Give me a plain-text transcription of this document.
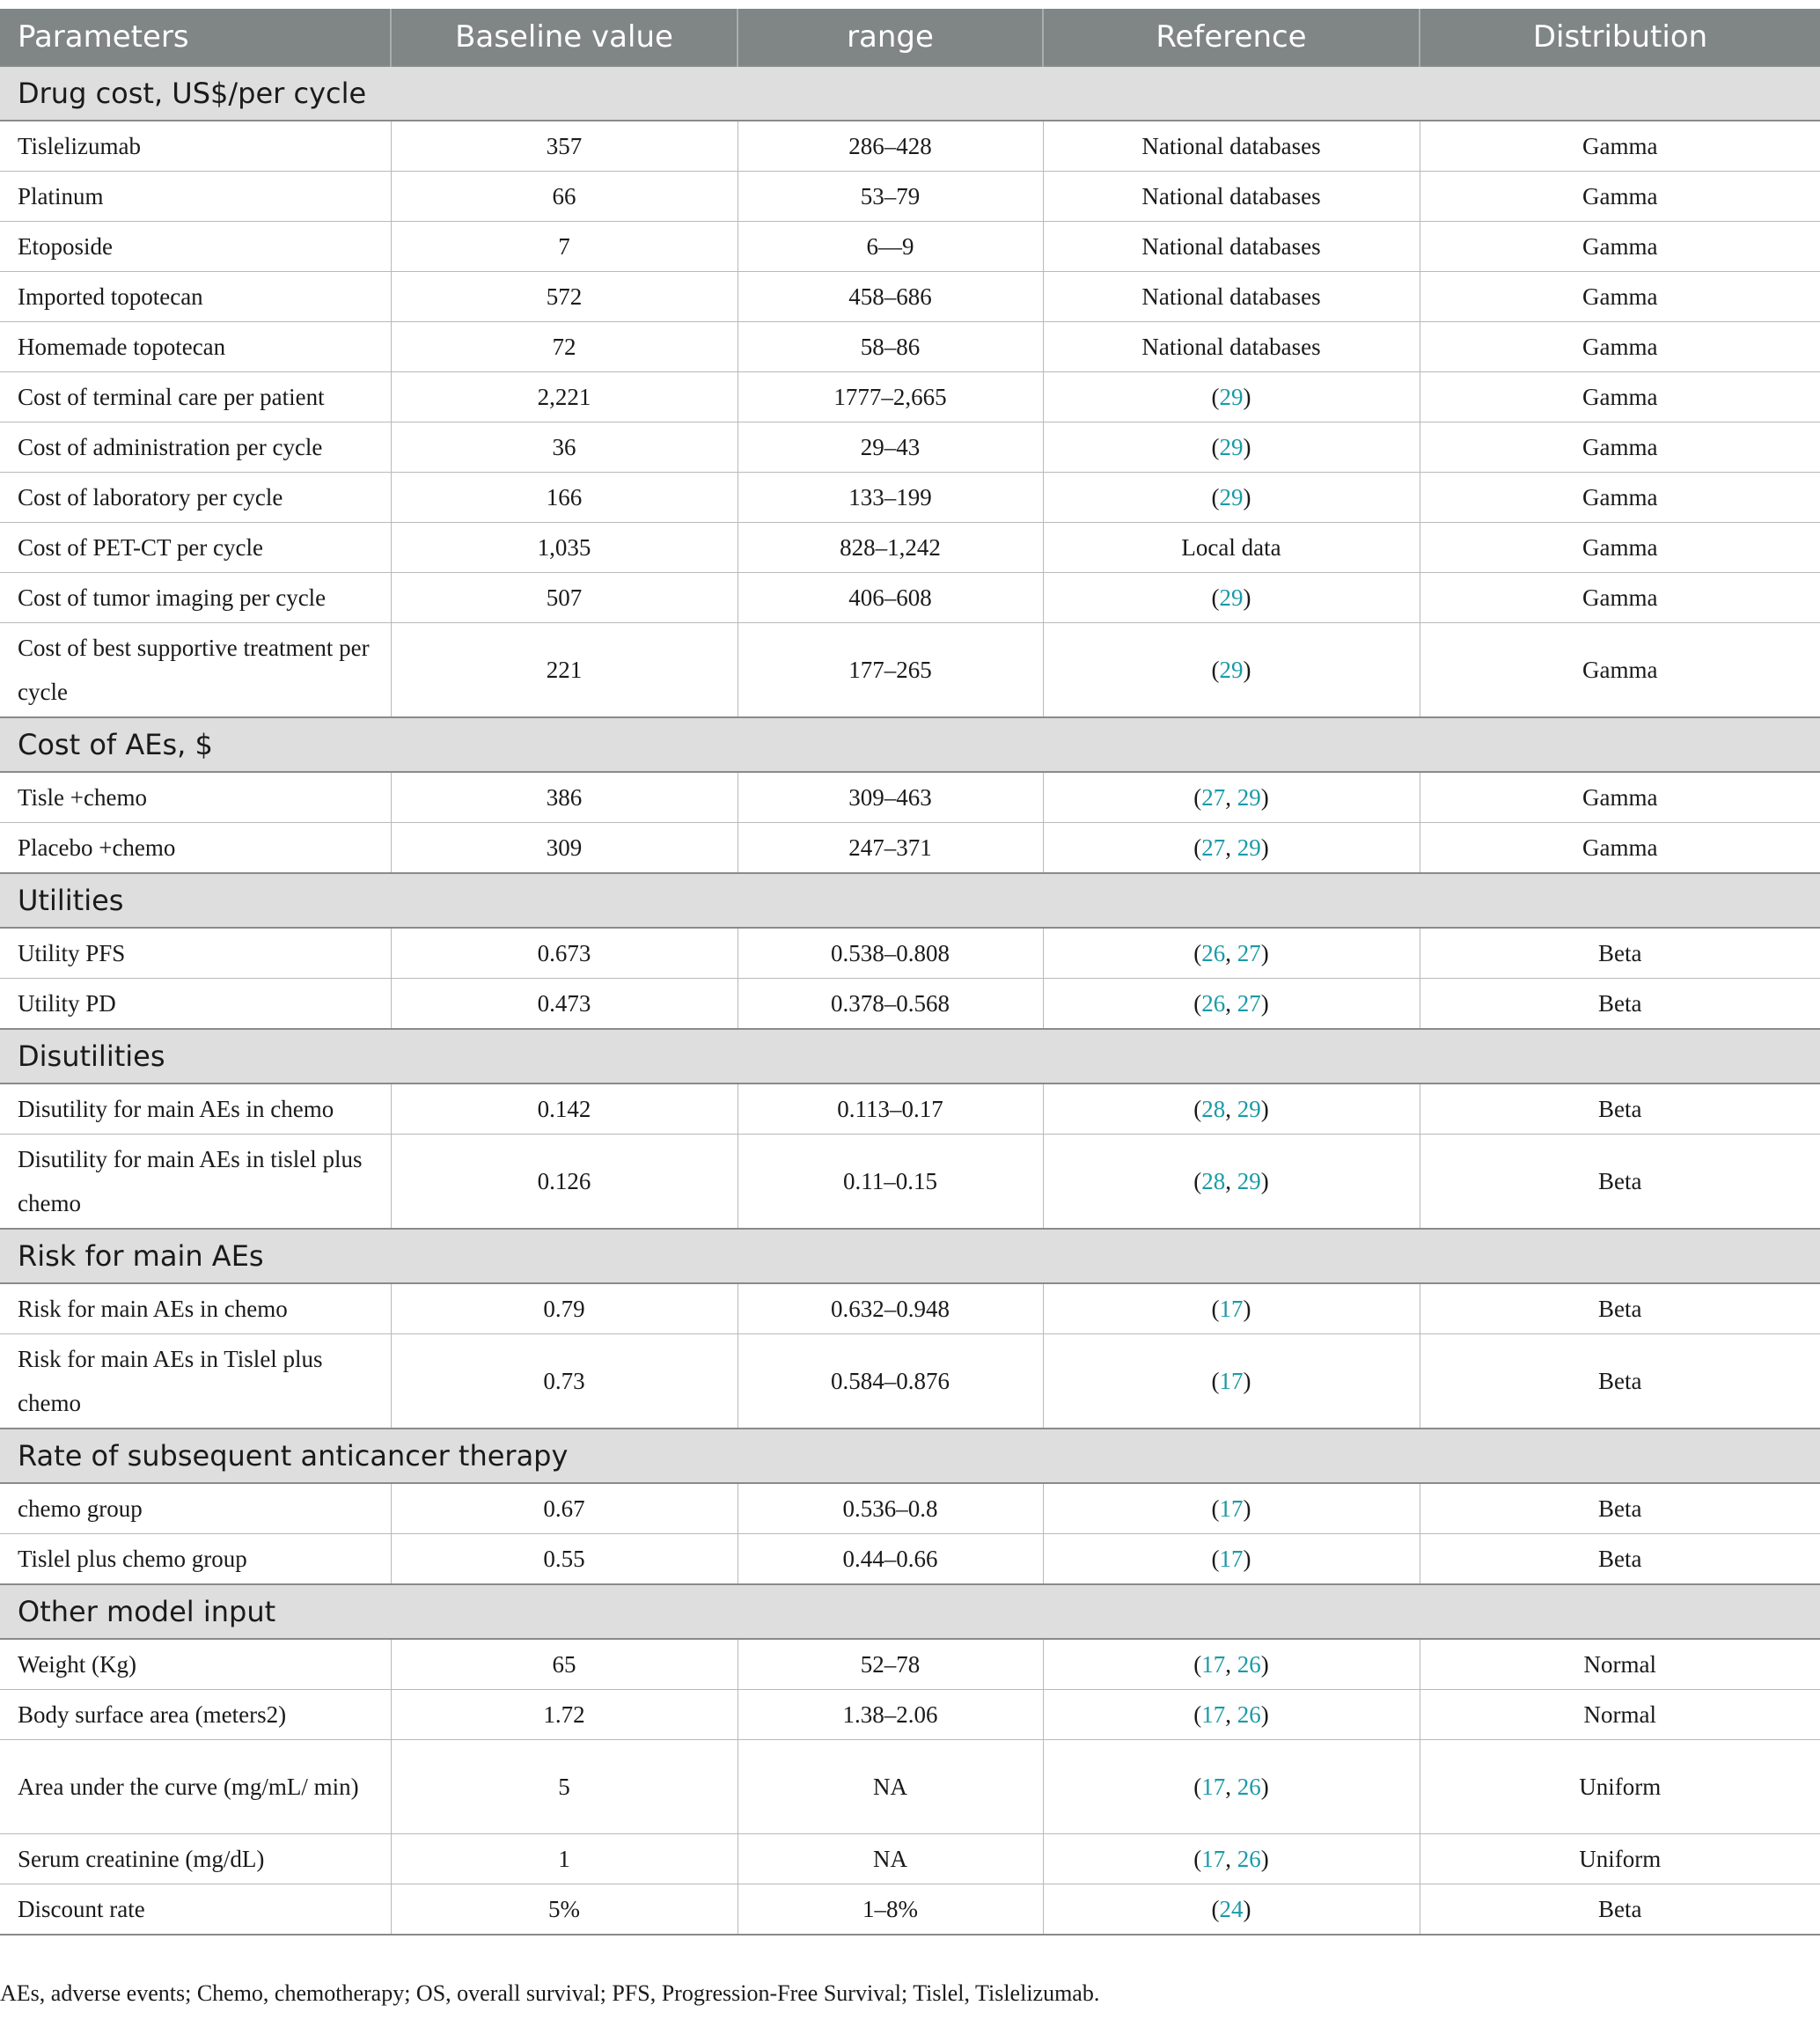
Parameters	Baseline value	range	Reference	Distribution
Drug cost, US$/per cycle				
Tislelizumab	357	286–428	National databases	Gamma
Platinum	66	53–79	National databases	Gamma
Etoposide	7	6—9	National databases	Gamma
Imported topotecan	572	458–686	National databases	Gamma
Homemade topotecan	72	58–86	National databases	Gamma
Cost of terminal care per patient	2,221	1777–2,665	(29)	Gamma
Cost of administration per cycle	36	29–43	(29)	Gamma
Cost of laboratory per cycle	166	133–199	(29)	Gamma
Cost of PET-CT per cycle	1,035	828–1,242	Local data	Gamma
Cost of tumor imaging per cycle	507	406–608	(29)	Gamma
Cost of best supportive treatment per cycle	221	177–265	(29)	Gamma
Cost of AEs, $				
Tisle +chemo	386	309–463	(27, 29)	Gamma
Placebo +chemo	309	247–371	(27, 29)	Gamma
Utilities				
Utility PFS	0.673	0.538–0.808	(26, 27)	Beta
Utility PD	0.473	0.378–0.568	(26, 27)	Beta
Disutilities				
Disutility for main AEs in chemo	0.142	0.113–0.17	(28, 29)	Beta
Disutility for main AEs in tislel plus chemo	0.126	0.11–0.15	(28, 29)	Beta
Risk for main AEs				
Risk for main AEs in chemo	0.79	0.632–0.948	(17)	Beta
Risk for main AEs in Tislel plus chemo	0.73	0.584–0.876	(17)	Beta
Rate of subsequent anticancer therapy				
chemo group	0.67	0.536–0.8	(17)	Beta
Tislel plus chemo group	0.55	0.44–0.66	(17)	Beta
Other model input				
Weight (Kg)	65	52–78	(17, 26)	Normal
Body surface area (meters2)	1.72	1.38–2.06	(17, 26)	Normal
Area under the curve (mg/mL/ min)	5	NA	(17, 26)	Uniform
Serum creatinine (mg/dL)	1	NA	(17, 26)	Uniform
Discount rate	5%	1–8%	(24)	Beta
AEs, adverse events; Chemo, chemotherapy; OS, overall survival; PFS, Progression-Free Survival; Tislel, Tislelizumab.
